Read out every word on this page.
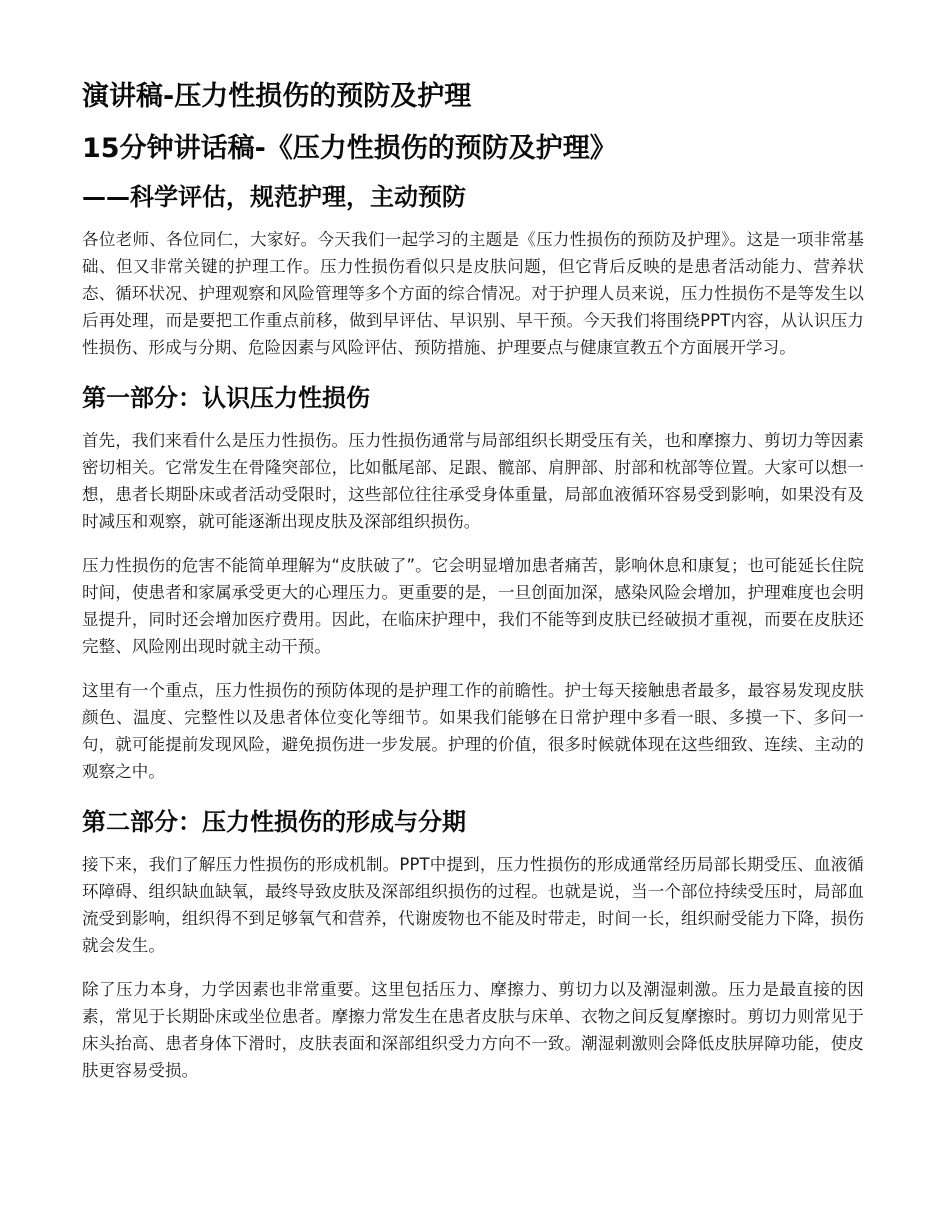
演讲稿-压力性损伤的预防及护理
15分钟讲话稿-《压力性损伤的预防及护理》
——科学评估，规范护理，主动预防

各位老师、各位同仁，大家好。今天我们一起学习的主题是《压力性损伤的预防及护理》。这是一项非常基础、但又非常关键的护理工作。压力性损伤看似只是皮肤问题，但它背后反映的是患者活动能力、营养状态、循环状况、护理观察和风险管理等多个方面的综合情况。对于护理人员来说，压力性损伤不是等发生以后再处理，而是要把工作重点前移，做到早评估、早识别、早干预。今天我们将围绕PPT内容，从认识压力性损伤、形成与分期、危险因素与风险评估、预防措施、护理要点与健康宣教五个方面展开学习。

第一部分：认识压力性损伤

首先，我们来看什么是压力性损伤。压力性损伤通常与局部组织长期受压有关，也和摩擦力、剪切力等因素密切相关。它常发生在骨隆突部位，比如骶尾部、足跟、髋部、肩胛部、肘部和枕部等位置。大家可以想一想，患者长期卧床或者活动受限时，这些部位往往承受身体重量，局部血液循环容易受到影响，如果没有及时减压和观察，就可能逐渐出现皮肤及深部组织损伤。

压力性损伤的危害不能简单理解为“皮肤破了”。它会明显增加患者痛苦，影响休息和康复；也可能延长住院时间，使患者和家属承受更大的心理压力。更重要的是，一旦创面加深，感染风险会增加，护理难度也会明显提升，同时还会增加医疗费用。因此，在临床护理中，我们不能等到皮肤已经破损才重视，而要在皮肤还完整、风险刚出现时就主动干预。

这里有一个重点，压力性损伤的预防体现的是护理工作的前瞻性。护士每天接触患者最多，最容易发现皮肤颜色、温度、完整性以及患者体位变化等细节。如果我们能够在日常护理中多看一眼、多摸一下、多问一句，就可能提前发现风险，避免损伤进一步发展。护理的价值，很多时候就体现在这些细致、连续、主动的观察之中。

第二部分：压力性损伤的形成与分期

接下来，我们了解压力性损伤的形成机制。PPT中提到，压力性损伤的形成通常经历局部长期受压、血液循环障碍、组织缺血缺氧，最终导致皮肤及深部组织损伤的过程。也就是说，当一个部位持续受压时，局部血流受到影响，组织得不到足够氧气和营养，代谢废物也不能及时带走，时间一长，组织耐受能力下降，损伤就会发生。

除了压力本身，力学因素也非常重要。这里包括压力、摩擦力、剪切力以及潮湿刺激。压力是最直接的因素，常见于长期卧床或坐位患者。摩擦力常发生在患者皮肤与床单、衣物之间反复摩擦时。剪切力则常见于床头抬高、患者身体下滑时，皮肤表面和深部组织受力方向不一致。潮湿刺激则会降低皮肤屏障功能，使皮肤更容易受损。
